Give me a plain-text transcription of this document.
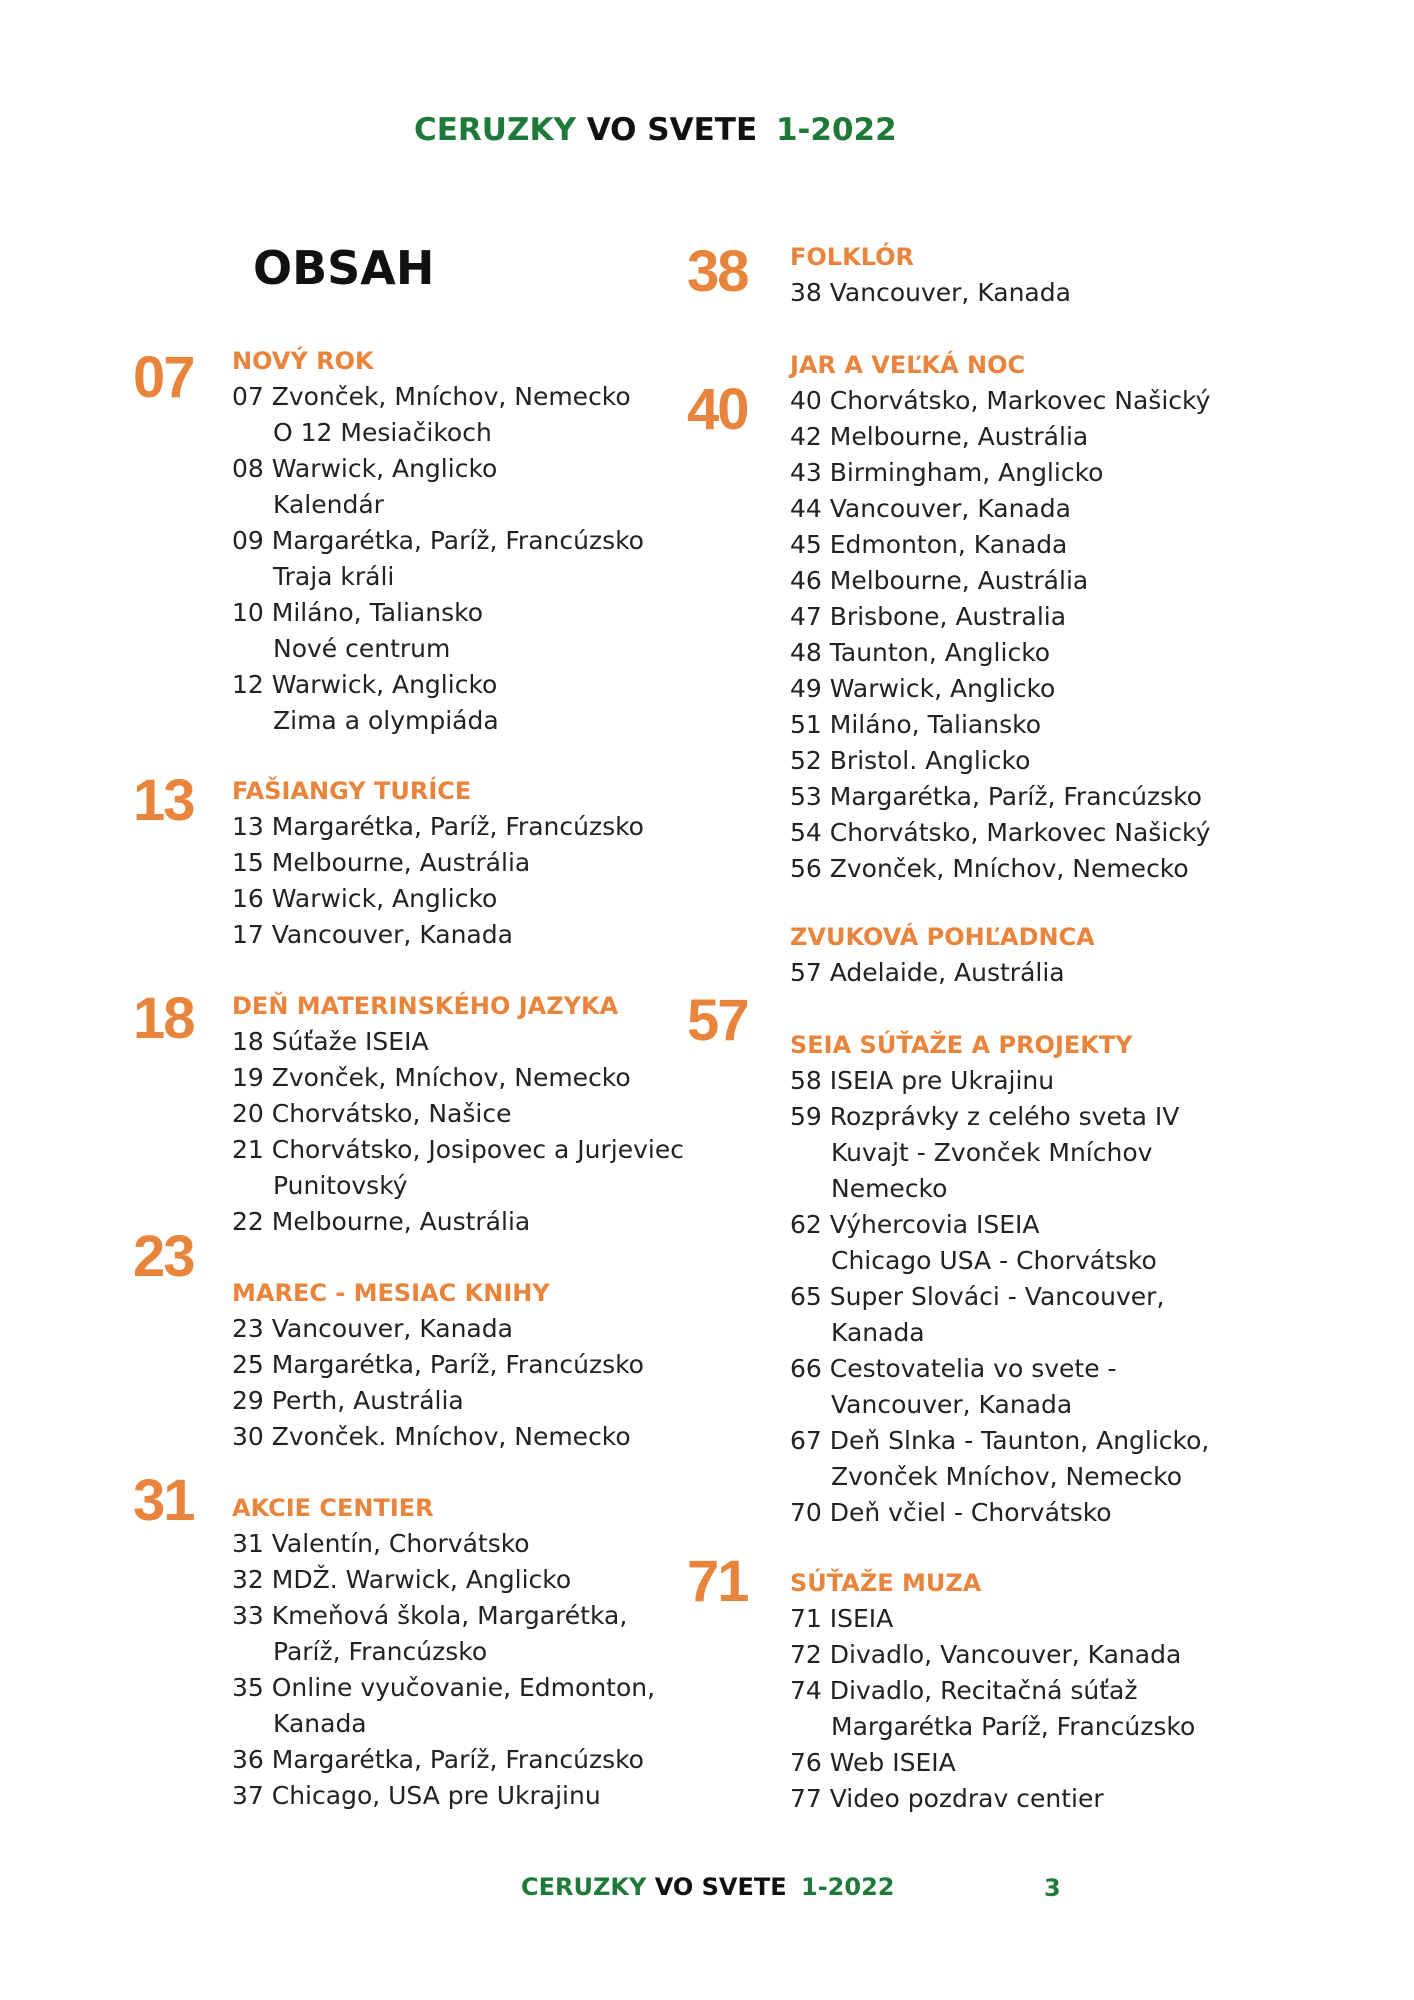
CERUZKY VO SVETE 1-2022
OBSAH
07
13
18
23
31
38
40
57
71
NOVÝ ROK
07 Zvonček, Mníchov, Nemecko
O 12 Mesiačikoch
08 Warwick, Anglicko
Kalendár
09 Margarétka, Paríž, Francúzsko
Traja králi
10 Miláno, Taliansko
Nové centrum
12 Warwick, Anglicko
Zima a olympiáda
FAŠIANGY TURÍCE
13 Margarétka, Paríž, Francúzsko
15 Melbourne, Austrália
16 Warwick, Anglicko
17 Vancouver, Kanada
DEŇ MATERINSKÉHO JAZYKA
18 Súťaže ISEIA
19 Zvonček, Mníchov, Nemecko
20 Chorvátsko, Našice
21 Chorvátsko, Josipovec a Jurjeviec
Punitovský
22 Melbourne, Austrália
MAREC - MESIAC KNIHY
23 Vancouver, Kanada
25 Margarétka, Paríž, Francúzsko
29 Perth, Austrália
30 Zvonček. Mníchov, Nemecko
AKCIE CENTIER
31 Valentín, Chorvátsko
32 MDŽ. Warwick, Anglicko
33 Kmeňová škola, Margarétka,
Paríž, Francúzsko
35 Online vyučovanie, Edmonton,
Kanada
36 Margarétka, Paríž, Francúzsko
37 Chicago, USA pre Ukrajinu
FOLKLÓR
38 Vancouver, Kanada
JAR A VEĽKÁ NOC
40 Chorvátsko, Markovec Našický
42 Melbourne, Austrália
43 Birmingham, Anglicko
44 Vancouver, Kanada
45 Edmonton, Kanada
46 Melbourne, Austrália
47 Brisbone, Australia
48 Taunton, Anglicko
49 Warwick, Anglicko
51 Miláno, Taliansko
52 Bristol. Anglicko
53 Margarétka, Paríž, Francúzsko
54 Chorvátsko, Markovec Našický
56 Zvonček, Mníchov, Nemecko
ZVUKOVÁ POHĽADNCA
57 Adelaide, Austrália
SEIA SÚŤAŽE A PROJEKTY
58 ISEIA pre Ukrajinu
59 Rozprávky z celého sveta IV
Kuvajt - Zvonček Mníchov
Nemecko
62 Výhercovia ISEIA
Chicago USA - Chorvátsko
65 Super Slováci - Vancouver,
Kanada
66 Cestovatelia vo svete -
Vancouver, Kanada
67 Deň Slnka - Taunton, Anglicko,
Zvonček Mníchov, Nemecko
70 Deň včiel - Chorvátsko
SÚŤAŽE MUZA
71 ISEIA
72 Divadlo, Vancouver, Kanada
74 Divadlo, Recitačná súťaž
Margarétka Paríž, Francúzsko
76 Web ISEIA
77 Video pozdrav centier
CERUZKY VO SVETE 1-2022	3
